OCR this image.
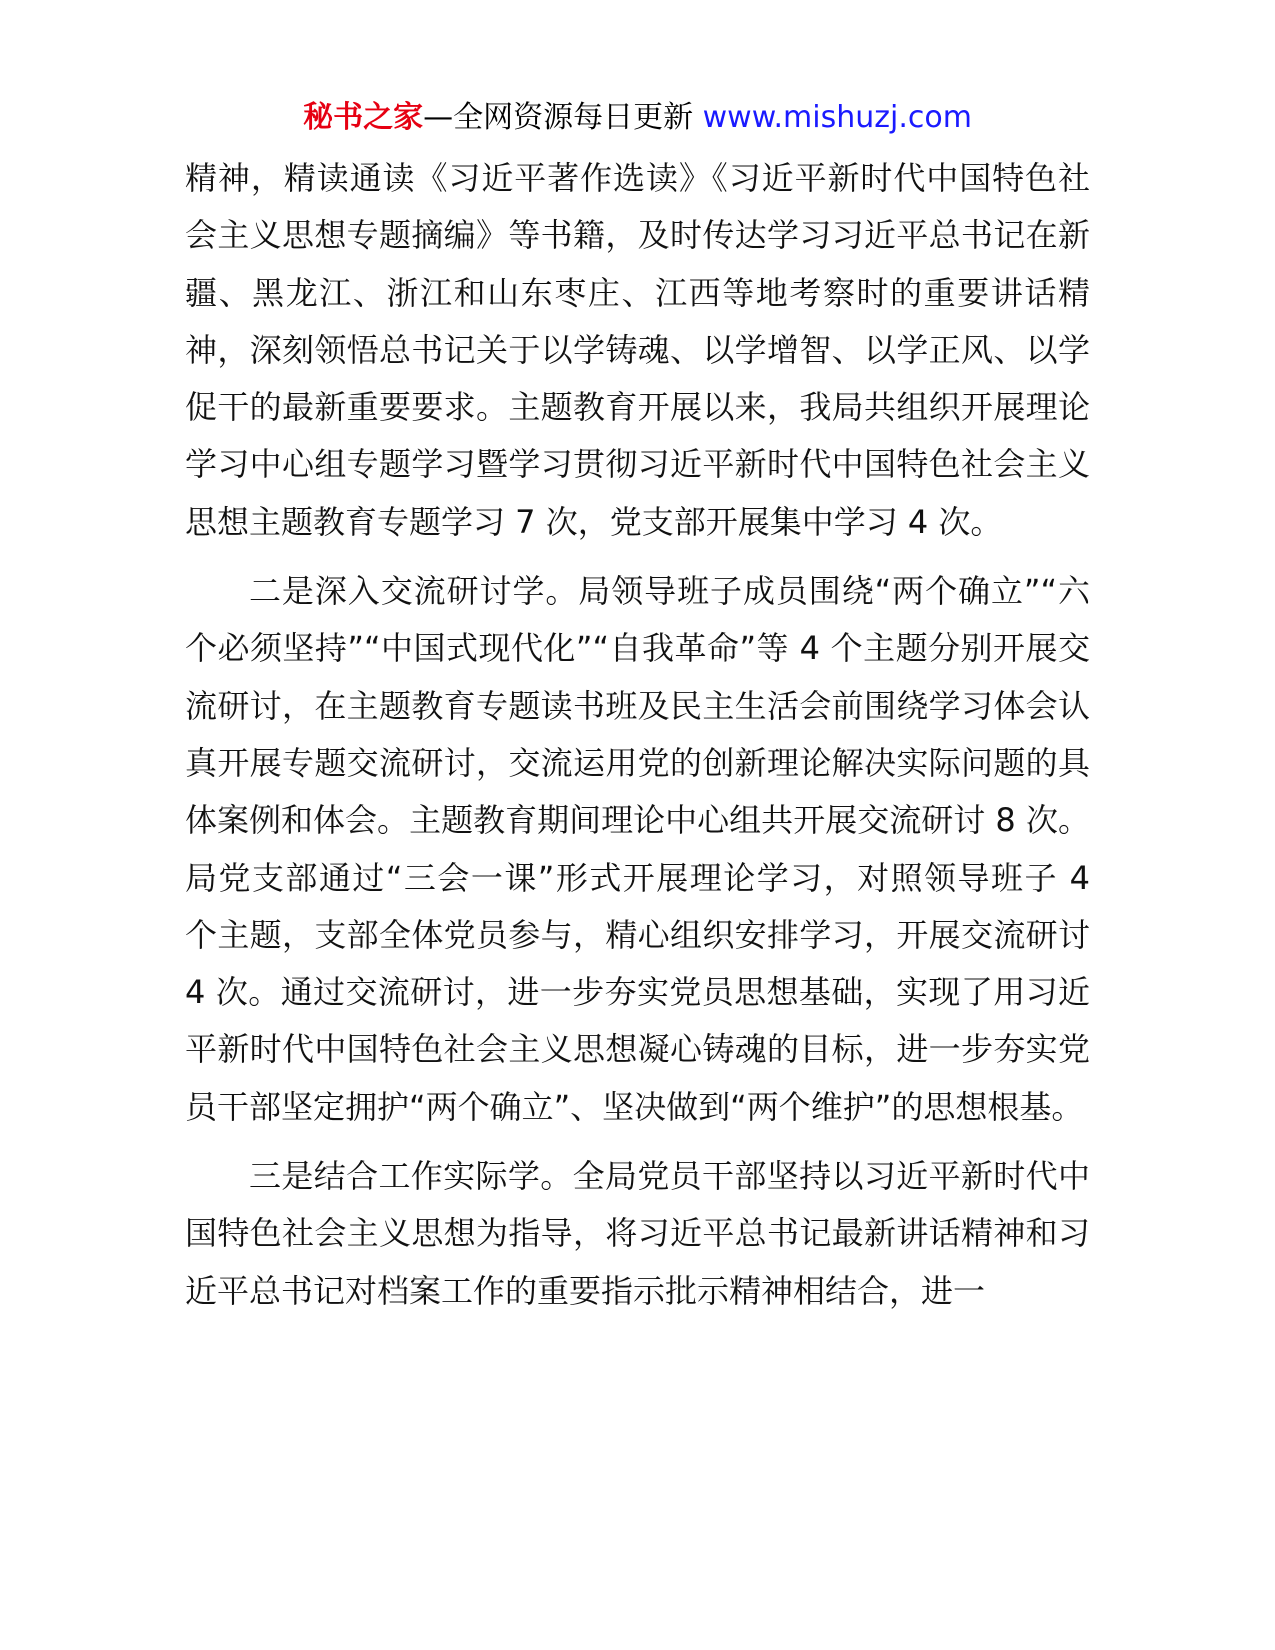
秘书之家—全网资源每日更新 www.mishuzj.com

精神，精读通读《习近平著作选读》《习近平新时代中国特色社会主义思想专题摘编》等书籍，及时传达学习习近平总书记在新疆、黑龙江、浙江和山东枣庄、江西等地考察时的重要讲话精神，深刻领悟总书记关于以学铸魂、以学增智、以学正风、以学促干的最新重要要求。主题教育开展以来，我局共组织开展理论学习中心组专题学习暨学习贯彻习近平新时代中国特色社会主义思想主题教育专题学习 7 次，党支部开展集中学习 4 次。

二是深入交流研讨学。局领导班子成员围绕“两个确立”“六个必须坚持”“中国式现代化”“自我革命”等 4 个主题分别开展交流研讨，在主题教育专题读书班及民主生活会前围绕学习体会认真开展专题交流研讨，交流运用党的创新理论解决实际问题的具体案例和体会。主题教育期间理论中心组共开展交流研讨 8 次。局党支部通过“三会一课”形式开展理论学习，对照领导班子 4 个主题，支部全体党员参与，精心组织安排学习，开展交流研讨 4 次。通过交流研讨，进一步夯实党员思想基础，实现了用习近平新时代中国特色社会主义思想凝心铸魂的目标，进一步夯实党员干部坚定拥护“两个确立”、坚决做到“两个维护”的思想根基。

三是结合工作实际学。全局党员干部坚持以习近平新时代中国特色社会主义思想为指导，将习近平总书记最新讲话精神和习近平总书记对档案工作的重要指示批示精神相结合，进一
